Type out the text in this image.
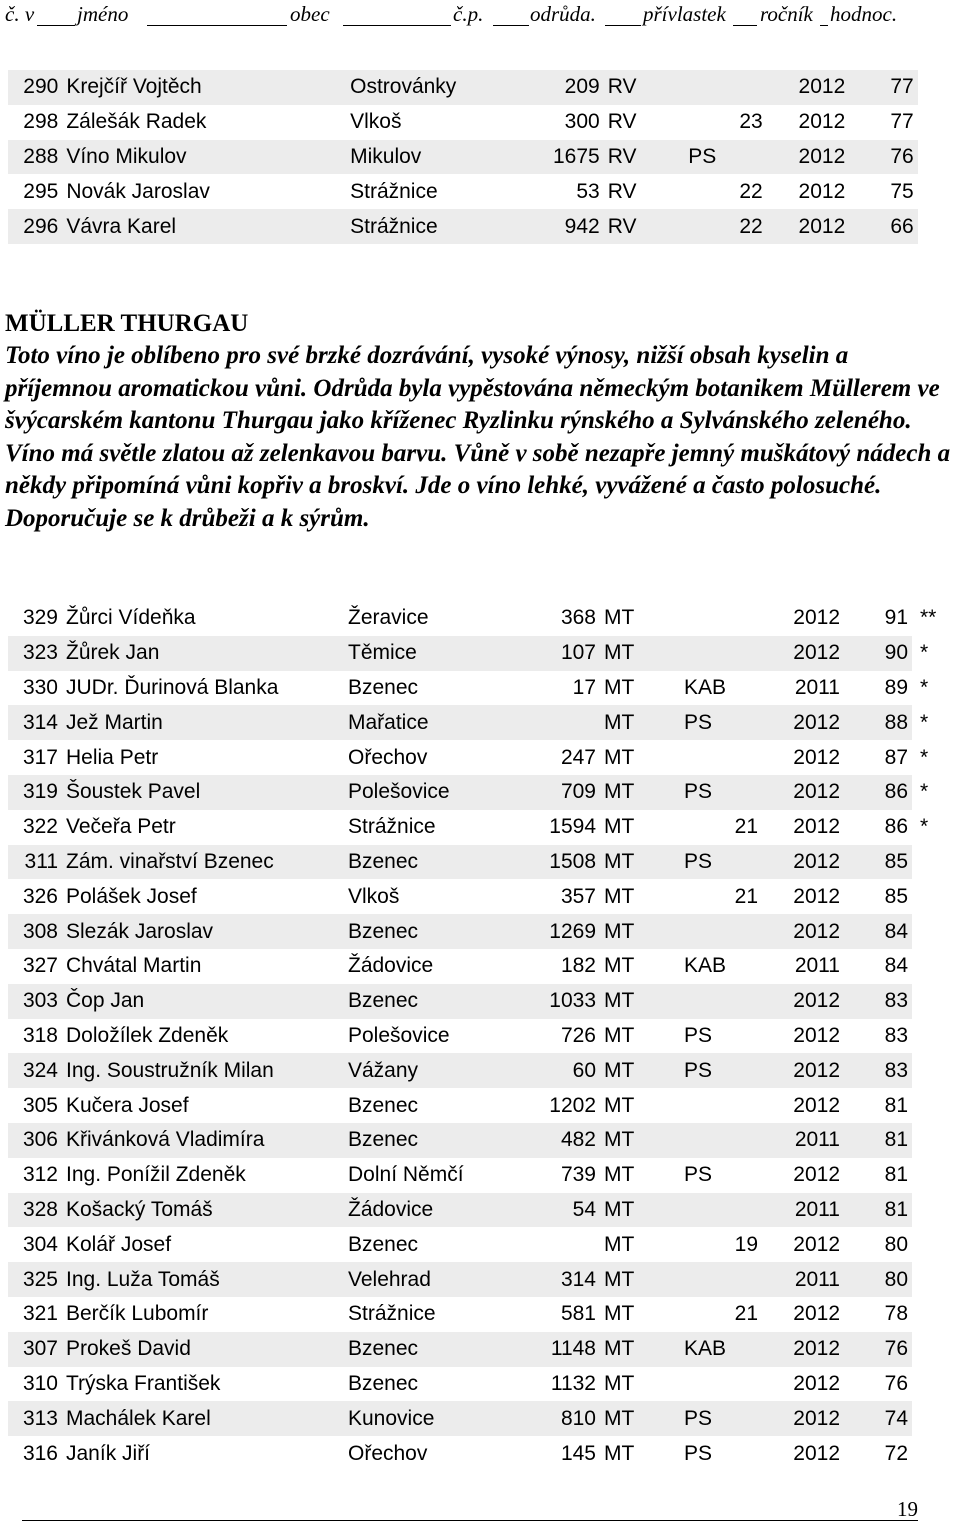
č. v jméno	obec	č.p. odrůda. přívlastek ročník hodnoc.
290	Krejčíř Vojtěch	Ostrovánky	209	RV		2012	77	
298	Zálešák Radek	Vlkoš	300	RV	23	2012	77	
288	Víno Mikulov	Mikulov	1675	RV	PS	2012	76	
295	Novák Jaroslav	Strážnice	53	RV	22	2012	75	
296	Vávra Karel	Strážnice	942	RV	22	2012	66	
MÜLLER THURGAU

Toto víno je oblíbeno pro své brzké dozrávání, vysoké výnosy, nižší obsah kyselin a příjemnou aromatickou vůni. Odrůda byla vypěstována německým botanikem Müllerem ve švýcarském kantonu Thurgau jako kříženec Ryzlinku rýnského a Sylvánského zeleného. Víno má světle zlatou až zelenkavou barvu. Vůně v sobě nezapře jemný muškátový nádech a někdy připomíná vůni kopřiv a broskví. Jde o víno lehké, vyvážené a často polosuché. Doporučuje se k drůbeži a k sýrům.

329	Žůrci Vídeňka	Žeravice	368	MT		2012	91	**
323	Žůrek Jan	Těmice	107	MT		2012	90	*
330	JUDr. Ďurinová Blanka	Bzenec	17	MT	KAB	2011	89	*
314	Jež Martin	Mařatice		MT	PS	2012	88	*
317	Helia Petr	Ořechov	247	MT		2012	87	*
319	Šoustek Pavel	Polešovice	709	MT	PS	2012	86	*
322	Večeřa Petr	Strážnice	1594	MT	21	2012	86	*
311	Zám. vinařství Bzenec	Bzenec	1508	MT	PS	2012	85	
326	Polášek Josef	Vlkoš	357	MT	21	2012	85	
308	Slezák Jaroslav	Bzenec	1269	MT		2012	84	
327	Chvátal Martin	Žádovice	182	MT	KAB	2011	84	
303	Čop Jan	Bzenec	1033	MT		2012	83	
318	Doložílek Zdeněk	Polešovice	726	MT	PS	2012	83	
324	Ing. Soustružník Milan	Vážany	60	MT	PS	2012	83	
305	Kučera Josef	Bzenec	1202	MT		2012	81	
306	Křivánková Vladimíra	Bzenec	482	MT		2011	81	
312	Ing. Ponížil Zdeněk	Dolní Němčí	739	MT	PS	2012	81	
328	Košacký Tomáš	Žádovice	54	MT		2011	81	
304	Kolář Josef	Bzenec		MT	19	2012	80	
325	Ing. Luža Tomáš	Velehrad	314	MT		2011	80	
321	Berčík Lubomír	Strážnice	581	MT	21	2012	78	
307	Prokeš David	Bzenec	1148	MT	KAB	2012	76	
310	Trýska František	Bzenec	1132	MT		2012	76	
313	Machálek Karel	Kunovice	810	MT	PS	2012	74	
316	Janík Jiří	Ořechov	145	MT	PS	2012	72	
19
